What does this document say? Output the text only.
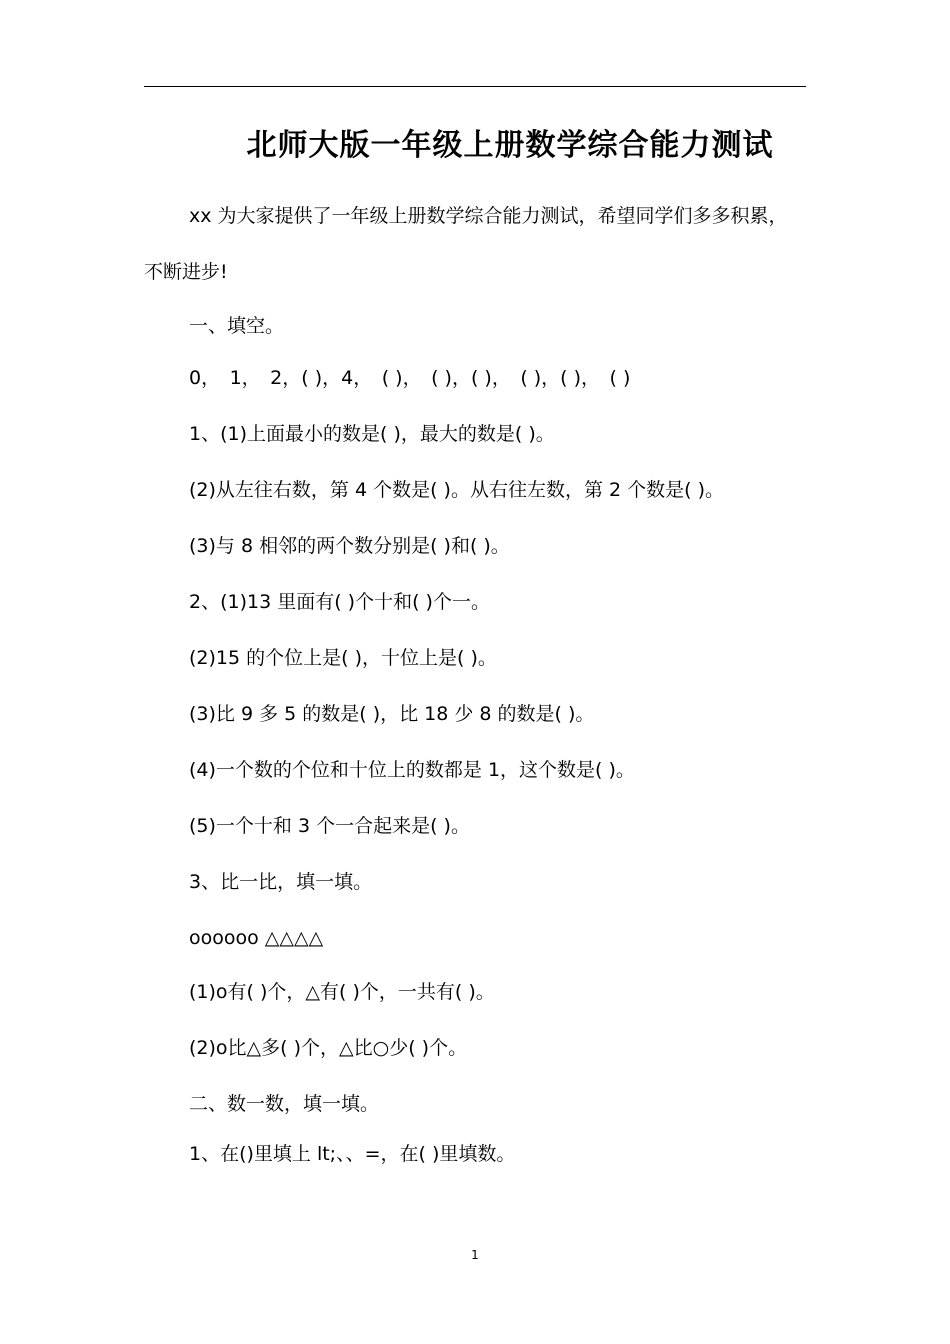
北师大版一年级上册数学综合能力测试

xx 为大家提供了一年级上册数学综合能力测试，希望同学们多多积累，不断进步!

一、填空。

0，　1，　2，( )，4，　( )，　( )，( )，　( )，( )，　( )

1、(1)上面最小的数是( )，最大的数是( )。

(2)从左往右数，第 4 个数是( )。从右往左数，第 2 个数是( )。

(3)与 8 相邻的两个数分别是( )和( )。

2、(1)13 里面有( )个十和( )个一。

(2)15 的个位上是( )，十位上是( )。

(3)比 9 多 5 的数是( )，比 18 少 8 的数是( )。

(4)一个数的个位和十位上的数都是 1，这个数是( )。

(5)一个十和 3 个一合起来是( )。

3、比一比，填一填。

oooooo △△△△

(1)o有( )个，△有( )个，一共有( )。

(2)o比△多( )个，△比○少( )个。

二、数一数，填一填。

1、在()里填上 lt;、、=，在( )里填数。

1
